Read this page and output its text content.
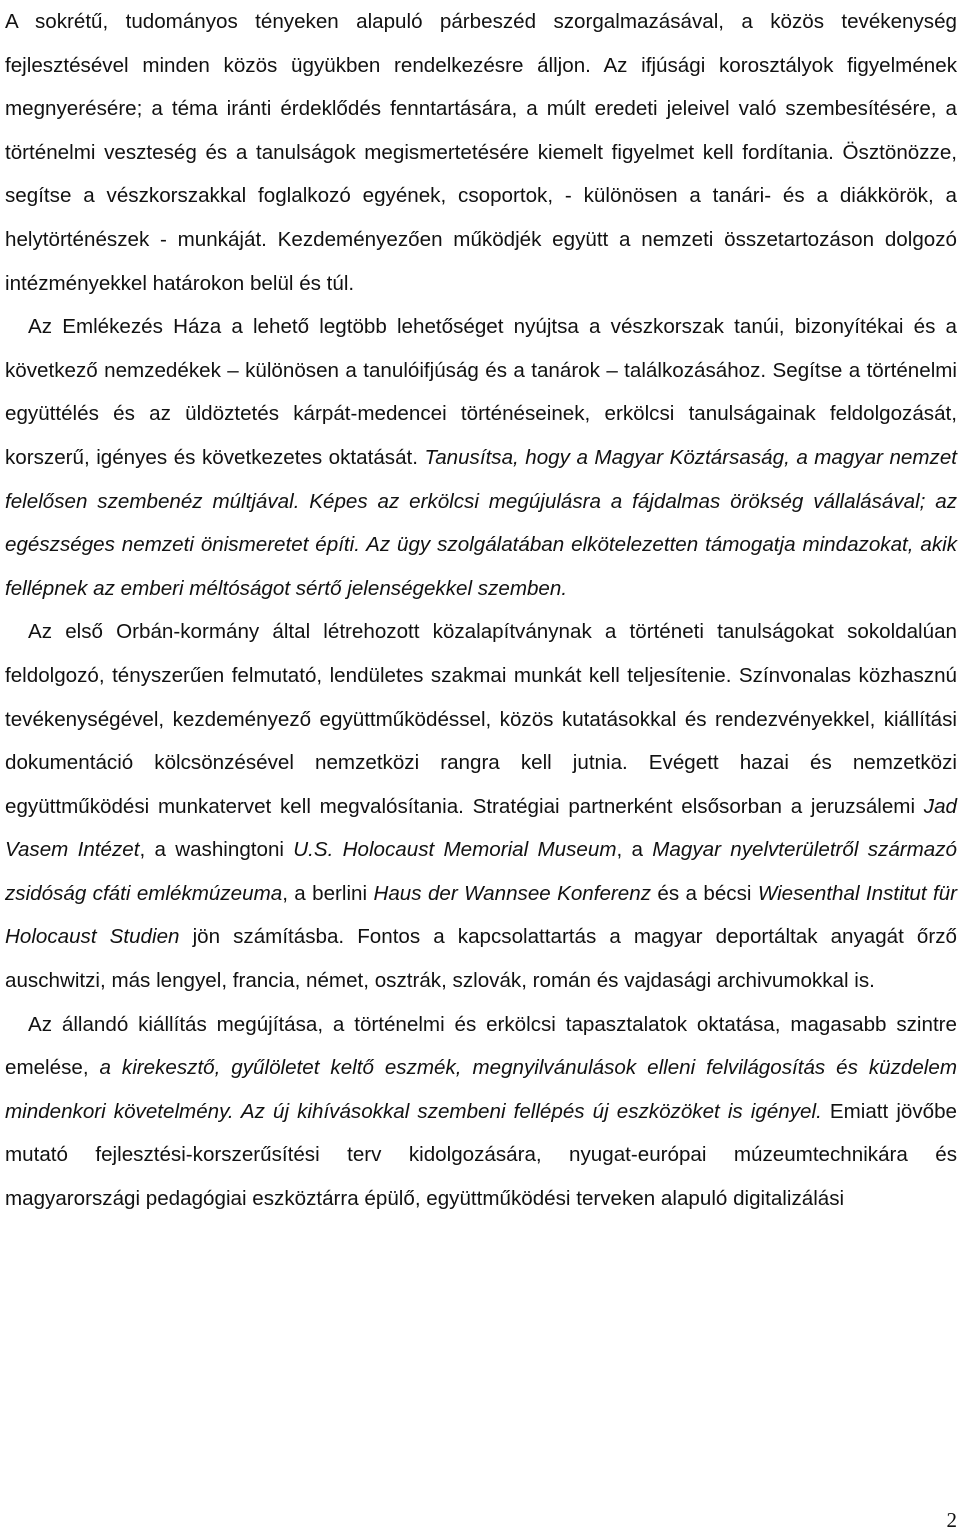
A sokrétű, tudományos tényeken alapuló párbeszéd szorgalmazásával, a közös tevékenység fejlesztésével minden közös ügyükben rendelkezésre álljon. Az ifjúsági korosztályok figyelmének megnyerésére; a téma iránti érdeklődés fenntartására, a múlt eredeti jeleivel való szembesítésére, a történelmi veszteség és a tanulságok megismertetésére kiemelt figyelmet kell fordítania. Ösztönözze, segítse a vészkorszakkal foglalkozó egyének, csoportok, - különösen a tanári- és a diákkörök, a helytörténészek - munkáját. Kezdeményezően működjék együtt a nemzeti összetartozáson dolgozó intézményekkel határokon belül és túl.

Az Emlékezés Háza a lehető legtöbb lehetőséget nyújtsa a vészkorszak tanúi, bizonyítékai és a következő nemzedékek – különösen a tanulóifjúság és a tanárok – találkozásához. Segítse a történelmi együttélés és az üldöztetés kárpát-medencei történéseinek, erkölcsi tanulságainak feldolgozását, korszerű, igényes és következetes oktatását. Tanusítsa, hogy a Magyar Köztársaság, a magyar nemzet felelősen szembenéz múltjával. Képes az erkölcsi megújulásra a fájdalmas örökség vállalásával; az egészséges nemzeti önismeretet építi. Az ügy szolgálatában elkötelezetten támogatja mindazokat, akik fellépnek az emberi méltóságot sértő jelenségekkel szemben.

Az első Orbán-kormány által létrehozott közalapítványnak a történeti tanulságokat sokoldalúan feldolgozó, tényszerűen felmutató, lendületes szakmai munkát kell teljesítenie. Színvonalas közhasznú tevékenységével, kezdeményező együttműködéssel, közös kutatásokkal és rendezvényekkel, kiállítási dokumentáció kölcsönzésével nemzetközi rangra kell jutnia. Evégett hazai és nemzetközi együttműködési munkatervet kell megvalósítania. Stratégiai partnerként elsősorban a jeruzsálemi Jad Vasem Intézet, a washingtoni U.S. Holocaust Memorial Museum, a Magyar nyelvterületről származó zsidóság cfáti emlékmúzeuma, a berlini Haus der Wannsee Konferenz és a bécsi Wiesenthal Institut für Holocaust Studien jön számításba. Fontos a kapcsolattartás a magyar deportáltak anyagát őrző auschwitzi, más lengyel, francia, német, osztrák, szlovák, román és vajdasági archivumokkal is.

Az állandó kiállítás megújítása, a történelmi és erkölcsi tapasztalatok oktatása, magasabb szintre emelése, a kirekesztő, gyűlöletet keltő eszmék, megnyilvánulások elleni felvilágosítás és küzdelem mindenkori követelmény. Az új kihívásokkal szembeni fellépés új eszközöket is igényel. Emiatt jövőbe mutató fejlesztési-korszerűsítési terv kidolgozására, nyugat-európai múzeumtechnikára és magyarországi pedagógiai eszköztárra épülő, együttműködési terveken alapuló digitalizálási

2
